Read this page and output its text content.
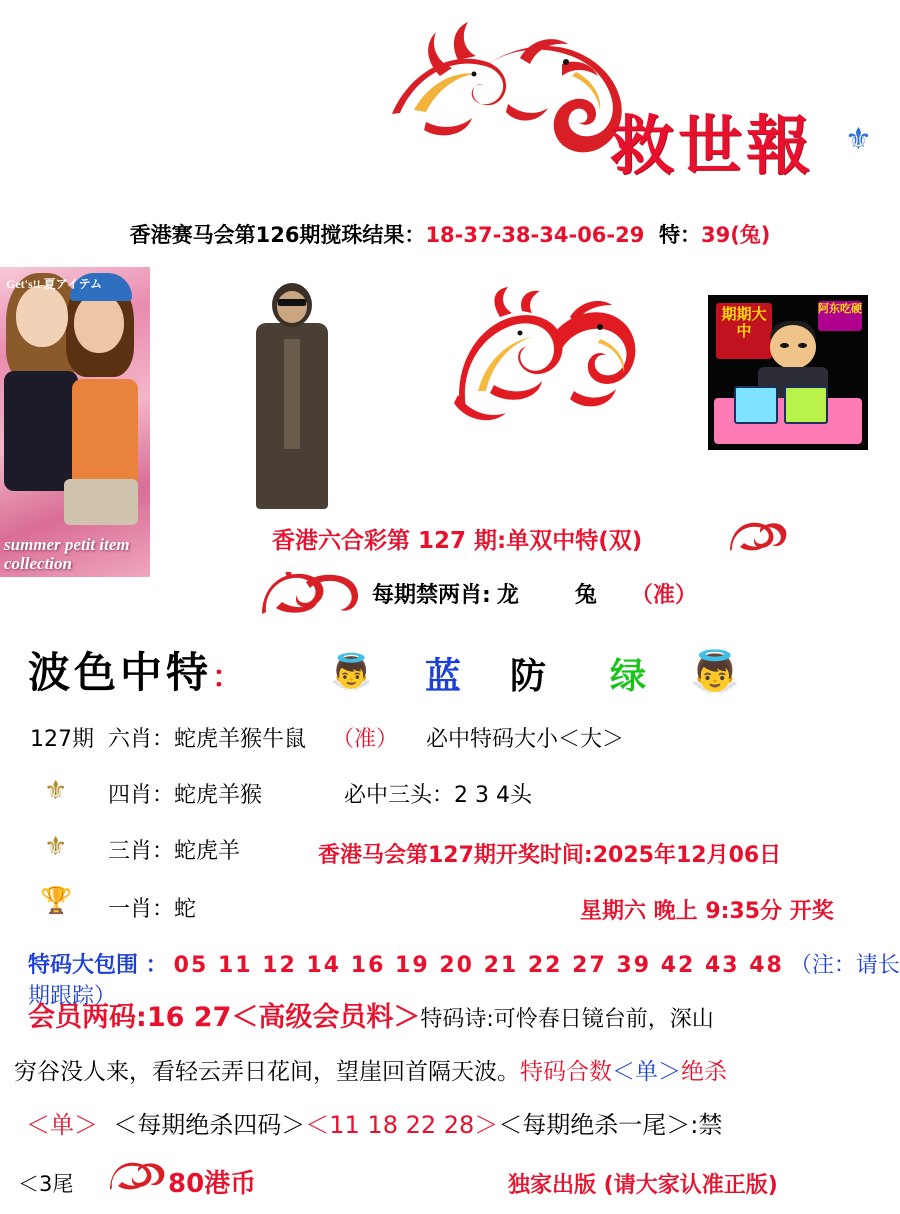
救世報 ⚜
香港赛马会第126期搅珠结果：18-37-38-34-06-29 特：39(兔)
Get's!! 夏アイテム
summer petit item collection
期期大中
阿东吃硬
香港六合彩第 127 期:单双中特(双)
每期禁两肖: 龙	兔 （准）
波色中特： 👼 蓝 防 绿 👼
127期 六肖：蛇虎羊猴牛鼠 （准） 必中特码大小＜大＞
⚜ 四肖：蛇虎羊猴	必中三头：2 3 4头
⚜ 三肖：蛇虎羊	香港马会第127期开奖时间:2025年12月06日
🏆 一肖：蛇	星期六 晚上 9:35分 开奖
特码大包围 ： 05 11 12 14 16 19 20 21 22 27 39 42 43 48 （注：请长期跟踪）
会员两码:16 27＜高级会员料＞特码诗:可怜春日镜台前，深山
穷谷没人来，看轻云弄日花间，望崖回首隔天波。特码合数＜单＞绝杀
＜单＞ ＜每期绝杀四码＞＜11 18 22 28＞＜每期绝杀一尾＞:禁
＜3尾	80港币	独家出版 (请大家认准正版)
